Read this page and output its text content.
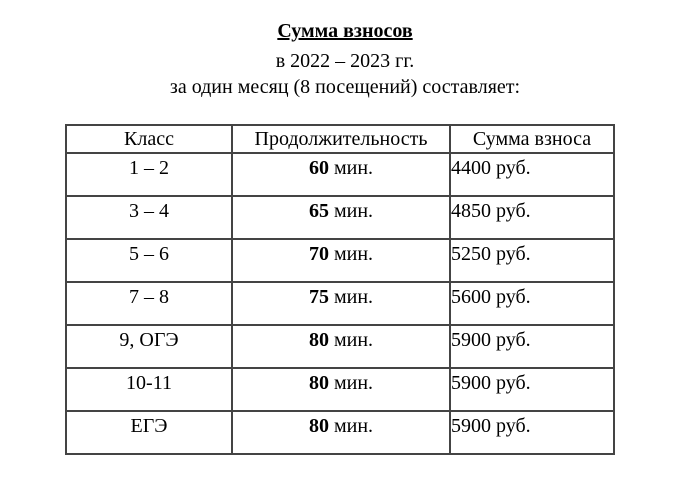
Сумма взносов
в 2022 – 2023 гг.
за один месяц (8 посещений) составляет:
Класс	Продолжительность	Сумма взноса
1 – 2	60 мин.	4400 руб.
3 – 4	65 мин.	4850 руб.
5 – 6	70 мин.	5250 руб.
7 – 8	75 мин.	5600 руб.
9, ОГЭ	80 мин.	5900 руб.
10-11	80 мин.	5900 руб.
ЕГЭ	80 мин.	5900 руб.
